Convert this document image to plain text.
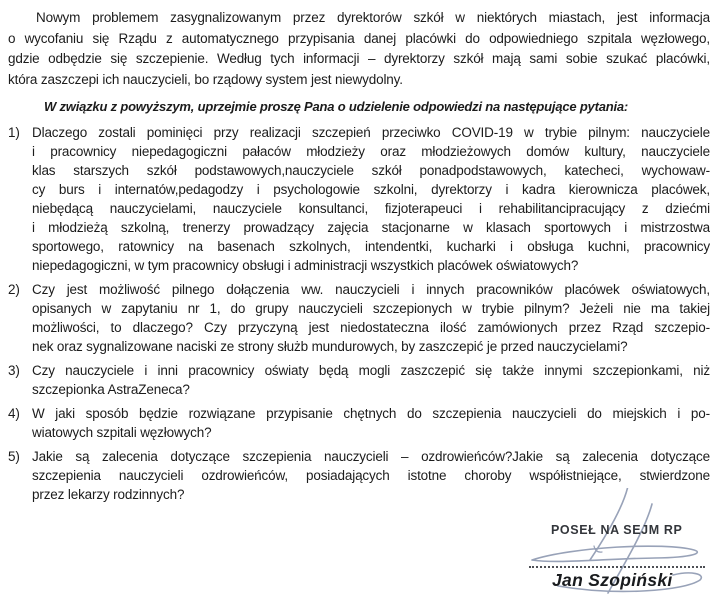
Nowym problemem zasygnalizowanym przez dyrektorów szkół w niektórych miastach, jest informacja
o wycofaniu się Rządu z automatycznego przypisania danej placówki do odpowiedniego szpitala węzłowego,
gdzie odbędzie się szczepienie. Według tych informacji – dyrektorzy szkół mają sami sobie szukać placówki,
która zaszczepi ich nauczycieli, bo rządowy system jest niewydolny.
W związku z powyższym, uprzejmie proszę Pana o udzielenie odpowiedzi na następujące pytania:
1) Dlaczego zostali pominięci przy realizacji szczepień przeciwko COVID-19 w trybie pilnym: nauczyciele
i pracownicy niepedagogiczni pałaców młodzieży oraz młodzieżowych domów kultury, nauczyciele
klas starszych szkół podstawowych,nauczyciele szkół ponadpodstawowych, katecheci, wychowaw-
cy burs i internatów,pedagodzy i psychologowie szkolni, dyrektorzy i kadra kierownicza placówek,
niebędącą nauczycielami, nauczyciele konsultanci, fizjoterapeuci i rehabilitancipracujący z dziećmi
i młodzieżą szkolną, trenerzy prowadzący zajęcia stacjonarne w klasach sportowych i mistrzostwa
sportowego, ratownicy na basenach szkolnych, intendentki, kucharki i obsługa kuchni, pracownicy
niepedagogiczni, w tym pracownicy obsługi i administracji wszystkich placówek oświatowych?
2) Czy jest możliwość pilnego dołączenia ww. nauczycieli i innych pracowników placówek oświatowych,
opisanych w zapytaniu nr 1, do grupy nauczycieli szczepionych w trybie pilnym? Jeżeli nie ma takiej
możliwości, to dlaczego? Czy przyczyną jest niedostateczna ilość zamówionych przez Rząd szczepio-
nek oraz sygnalizowane naciski ze strony służb mundurowych, by zaszczepić je przed nauczycielami?
3) Czy nauczyciele i inni pracownicy oświaty będą mogli zaszczepić się także innymi szczepionkami, niż
szczepionka AstraZeneca?
4) W jaki sposób będzie rozwiązane przypisanie chętnych do szczepienia nauczycieli do miejskich i po-
wiatowych szpitali węzłowych?
5) Jakie są zalecenia dotyczące szczepienia nauczycieli – ozdrowieńców?Jakie są zalecenia dotyczące
szczepienia nauczycieli ozdrowieńców, posiadających istotne choroby współistniejące, stwierdzone
przez lekarzy rodzinnych?
POSEŁ NA SEJM RP
Jan Szopiński
